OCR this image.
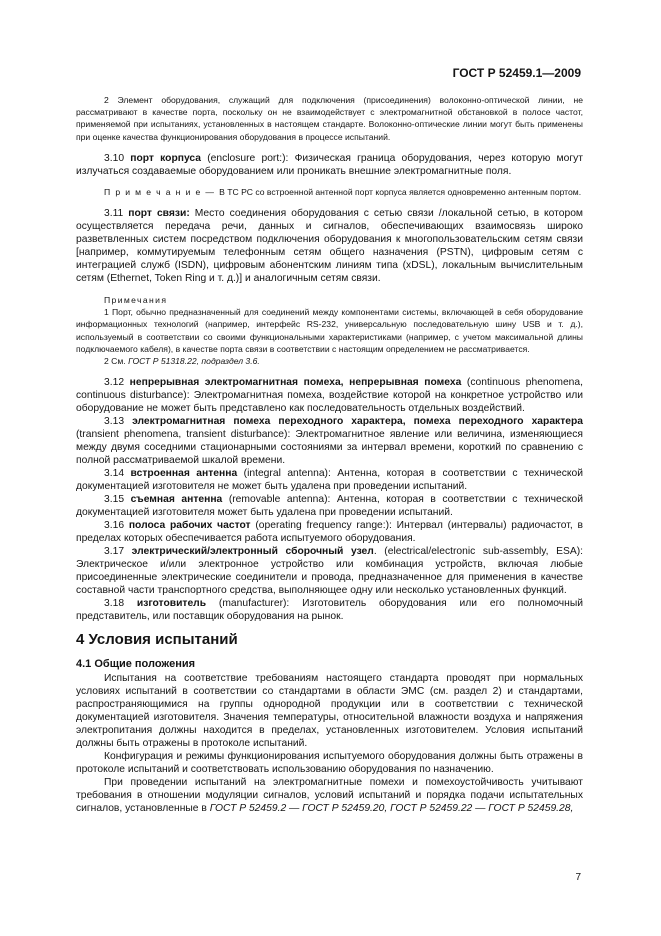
ГОСТ Р 52459.1—2009

2 Элемент оборудования, служащий для подключения (присоединения) волоконно-оптической линии, не рассматривают в качестве порта, поскольку он не взаимодействует с электромагнитной обстановкой в полосе частот, применяемой при испытаниях, установленных в настоящем стандарте. Волоконно-оптические линии могут быть применены при оценке качества функционирования оборудования в процессе испытаний.

3.10 порт корпуса (enclosure port:): Физическая граница оборудования, через которую могут излучаться создаваемые оборудованием или проникать внешние электромагнитные поля.

П р и м е ч а н и е — В ТС РС со встроенной антенной порт корпуса является одновременно антенным портом.

3.11 порт связи: Место соединения оборудования с сетью связи /локальной сетью, в котором осуществляется передача речи, данных и сигналов, обеспечивающих взаимосвязь широко разветвленных систем посредством подключения оборудования к многопользовательским сетям связи [например, коммутируемым телефонным сетям общего назначения (PSTN), цифровым сетям с интеграцией служб (ISDN), цифровым абонентским линиям типа (xDSL), локальным вычислительным сетям (Ethernet, Token Ring и т. д.)] и аналогичным сетям связи.

Примечания

1 Порт, обычно предназначенный для соединений между компонентами системы, включающей в себя оборудование информационных технологий (например, интерфейс RS-232, универсальную последовательную шину USB и т. д.), используемый в соответствии со своими функциональными характеристиками (например, с учетом максимальной длины подключаемого кабеля), в качестве порта связи в соответствии с настоящим определением не рассматривается.

2 См. ГОСТ Р 51318.22, подраздел 3.6.

3.12 непрерывная электромагнитная помеха, непрерывная помеха (continuous phenomena, continuous disturbance): Электромагнитная помеха, воздействие которой на конкретное устройство или оборудование не может быть представлено как последовательность отдельных воздействий.

3.13 электромагнитная помеха переходного характера, помеха переходного характера (transient phenomena, transient disturbance): Электромагнитное явление или величина, изменяющиеся между двумя соседними стационарными состояниями за интервал времени, короткий по сравнению с полной рассматриваемой шкалой времени.

3.14 встроенная антенна (integral antenna): Антенна, которая в соответствии с технической документацией изготовителя не может быть удалена при проведении испытаний.

3.15 съемная антенна (removable antenna): Антенна, которая в соответствии с технической документацией изготовителя может быть удалена при проведении испытаний.

3.16 полоса рабочих частот (operating frequency range:): Интервал (интервалы) радиочастот, в пределах которых обеспечивается работа испытуемого оборудования.

3.17 электрический/электронный сборочный узел. (electrical/electronic sub-assembly, ESA): Электрическое и/или электронное устройство или комбинация устройств, включая любые присоединенные электрические соединители и провода, предназначенное для применения в качестве составной части транспортного средства, выполняющее одну или несколько установленных функций.

3.18 изготовитель (manufacturer): Изготовитель оборудования или его полномочный представитель, или поставщик оборудования на рынок.

4 Условия испытаний

4.1 Общие положения

Испытания на соответствие требованиям настоящего стандарта проводят при нормальных условиях испытаний в соответствии со стандартами в области ЭМС (см. раздел 2) и стандартами, распространяющимися на группы однородной продукции или в соответствии с технической документацией изготовителя. Значения температуры, относительной влажности воздуха и напряжения электропитания должны находится в пределах, установленных изготовителем. Условия испытаний должны быть отражены в протоколе испытаний.

Конфигурация и режимы функционирования испытуемого оборудования должны быть отражены в протоколе испытаний и соответствовать использованию оборудования по назначению.

При проведении испытаний на электромагнитные помехи и помехоустойчивость учитывают требования в отношении модуляции сигналов, условий испытаний и порядка подачи испытательных сигналов, установленные в ГОСТ Р 52459.2 — ГОСТ Р 52459.20, ГОСТ Р 52459.22 — ГОСТ Р 52459.28,

7
